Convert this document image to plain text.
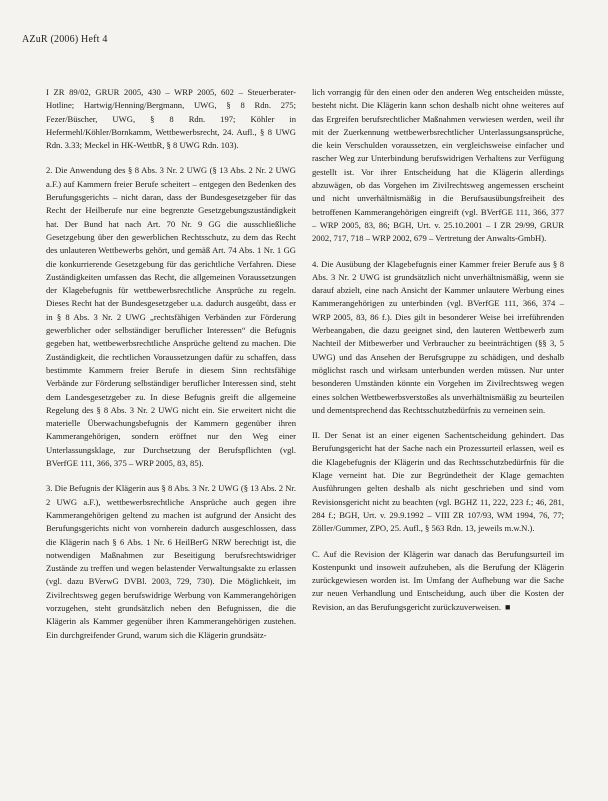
AZuR (2006) Heft 4

I ZR 89/02, GRUR 2005, 430 – WRP 2005, 602 – Steuerberater-Hotline; Hartwig/Henning/Bergmann, UWG, § 8 Rdn. 275; Fezer/Büscher, UWG, § 8 Rdn. 197; Köhler in Hefermehl/Köhler/Bornkamm, Wettbewerbsrecht, 24. Aufl., § 8 UWG Rdn. 3.33; Meckel in HK-WettbR, § 8 UWG Rdn. 103).

2. Die Anwendung des § 8 Abs. 3 Nr. 2 UWG (§ 13 Abs. 2 Nr. 2 UWG a.F.) auf Kammern freier Berufe scheitert – entgegen den Bedenken des Berufungsgerichts – nicht daran, dass der Bundesgesetzgeber für das Recht der Heilberufe nur eine begrenzte Gesetzgebungszuständigkeit hat. Der Bund hat nach Art. 70 Nr. 9 GG die ausschließliche Gesetzgebung über den gewerblichen Rechtsschutz, zu dem das Recht des unlauteren Wettbewerbs gehört, und gemäß Art. 74 Abs. 1 Nr. 1 GG die konkurrierende Gesetzgebung für das gerichtliche Verfahren. Diese Zuständigkeiten umfassen das Recht, die allgemeinen Voraussetzungen der Klagebefugnis für wettbewerbsrechtliche Ansprüche zu regeln. Dieses Recht hat der Bundesgesetzgeber u.a. dadurch ausgeübt, dass er in § 8 Abs. 3 Nr. 2 UWG „rechtsfähigen Verbänden zur Förderung gewerblicher oder selbständiger beruflicher Interessen“ die Befugnis gegeben hat, wettbewerbsrechtliche Ansprüche geltend zu machen. Die Zuständigkeit, die rechtlichen Voraussetzungen dafür zu schaffen, dass bestimmte Kammern freier Berufe in diesem Sinn rechtsfähige Verbände zur Förderung selbständiger beruflicher Interessen sind, steht dem Landesgesetzgeber zu. In diese Befugnis greift die allgemeine Regelung des § 8 Abs. 3 Nr. 2 UWG nicht ein. Sie erweitert nicht die materielle Überwachungsbefugnis der Kammern gegenüber ihren Kammerangehörigen, sondern eröffnet nur den Weg einer Unterlassungsklage, zur Durchsetzung der Berufspflichten (vgl. BVerfGE 111, 366, 375 – WRP 2005, 83, 85).

3. Die Befugnis der Klägerin aus § 8 Abs. 3 Nr. 2 UWG (§ 13 Abs. 2 Nr. 2 UWG a.F.), wettbewerbsrechtliche Ansprüche auch gegen ihre Kammerangehörigen geltend zu machen ist aufgrund der Ansicht des Berufungsgerichts nicht von vornherein dadurch ausgeschlossen, dass die Klägerin nach § 6 Abs. 1 Nr. 6 HeilBerG NRW berechtigt ist, die notwendigen Maßnahmen zur Beseitigung berufsrechtswidriger Zustände zu treffen und wegen belastender Verwaltungsakte zu erlassen (vgl. dazu BVerwG DVBl. 2003, 729, 730). Die Möglichkeit, im Zivilrechtsweg gegen berufswidrige Werbung von Kammerangehörigen vorzugehen, steht grundsätzlich neben den Befugnissen, die die Klägerin als Kammer gegenüber ihren Kammerangehörigen zustehen. Ein durchgreifender Grund, warum sich die Klägerin grundsätz-

lich vorrangig für den einen oder den anderen Weg entscheiden müsste, besteht nicht. Die Klägerin kann schon deshalb nicht ohne weiteres auf das Ergreifen berufsrechtlicher Maßnahmen verwiesen werden, weil ihr mit der Zuerkennung wettbewerbsrechtlicher Unterlassungsansprüche, die kein Verschulden voraussetzen, ein vergleichsweise einfacher und rascher Weg zur Unterbindung berufswidrigen Verhaltens zur Verfügung gestellt ist. Vor ihrer Entscheidung hat die Klägerin allerdings abzuwägen, ob das Vorgehen im Zivilrechtsweg angemessen erscheint und nicht unverhältnismäßig in die Berufsausübungsfreiheit des betroffenen Kammerangehörigen eingreift (vgl. BVerfGE 111, 366, 377 – WRP 2005, 83, 86; BGH, Urt. v. 25.10.2001 – I ZR 29/99, GRUR 2002, 717, 718 – WRP 2002, 679 – Vertretung der Anwalts-GmbH).

4. Die Ausübung der Klagebefugnis einer Kammer freier Berufe aus § 8 Abs. 3 Nr. 2 UWG ist grundsätzlich nicht unverhältnismäßig, wenn sie darauf abzielt, eine nach Ansicht der Kammer unlautere Werbung eines Kammerangehörigen zu unterbinden (vgl. BVerfGE 111, 366, 374 – WRP 2005, 83, 86 f.). Dies gilt in besonderer Weise bei irreführenden Werbeangaben, die dazu geeignet sind, den lauteren Wettbewerb zum Nachteil der Mitbewerber und Verbraucher zu beeinträchtigen (§§ 3, 5 UWG) und das Ansehen der Berufsgruppe zu schädigen, und deshalb möglichst rasch und wirksam unterbunden werden müssen. Nur unter besonderen Umständen könnte ein Vorgehen im Zivilrechtsweg wegen eines solchen Wettbewerbsverstoßes als unverhältnismäßig zu beurteilen und dementsprechend das Rechtsschutzbedürfnis zu verneinen sein.

II. Der Senat ist an einer eigenen Sachentscheidung gehindert. Das Berufungsgericht hat der Sache nach ein Prozessurteil erlassen, weil es die Klagebefugnis der Klägerin und das Rechtsschutzbedürfnis für die Klage verneint hat. Die zur Begründetheit der Klage gemachten Ausführungen gelten deshalb als nicht geschrieben und sind vom Revisionsgericht nicht zu beachten (vgl. BGHZ 11, 222, 223 f.; 46, 281, 284 f.; BGH, Urt. v. 29.9.1992 – VIII ZR 107/93, WM 1994, 76, 77; Zöller/Gummer, ZPO, 25. Aufl., § 563 Rdn. 13, jeweils m.w.N.).

C. Auf die Revision der Klägerin war danach das Berufungsurteil im Kostenpunkt und insoweit aufzuheben, als die Berufung der Klägerin zurückgewiesen worden ist. Im Umfang der Aufhebung war die Sache zur neuen Verhandlung und Entscheidung, auch über die Kosten der Revision, an das Berufungsgericht zurückzuverweisen. ■
